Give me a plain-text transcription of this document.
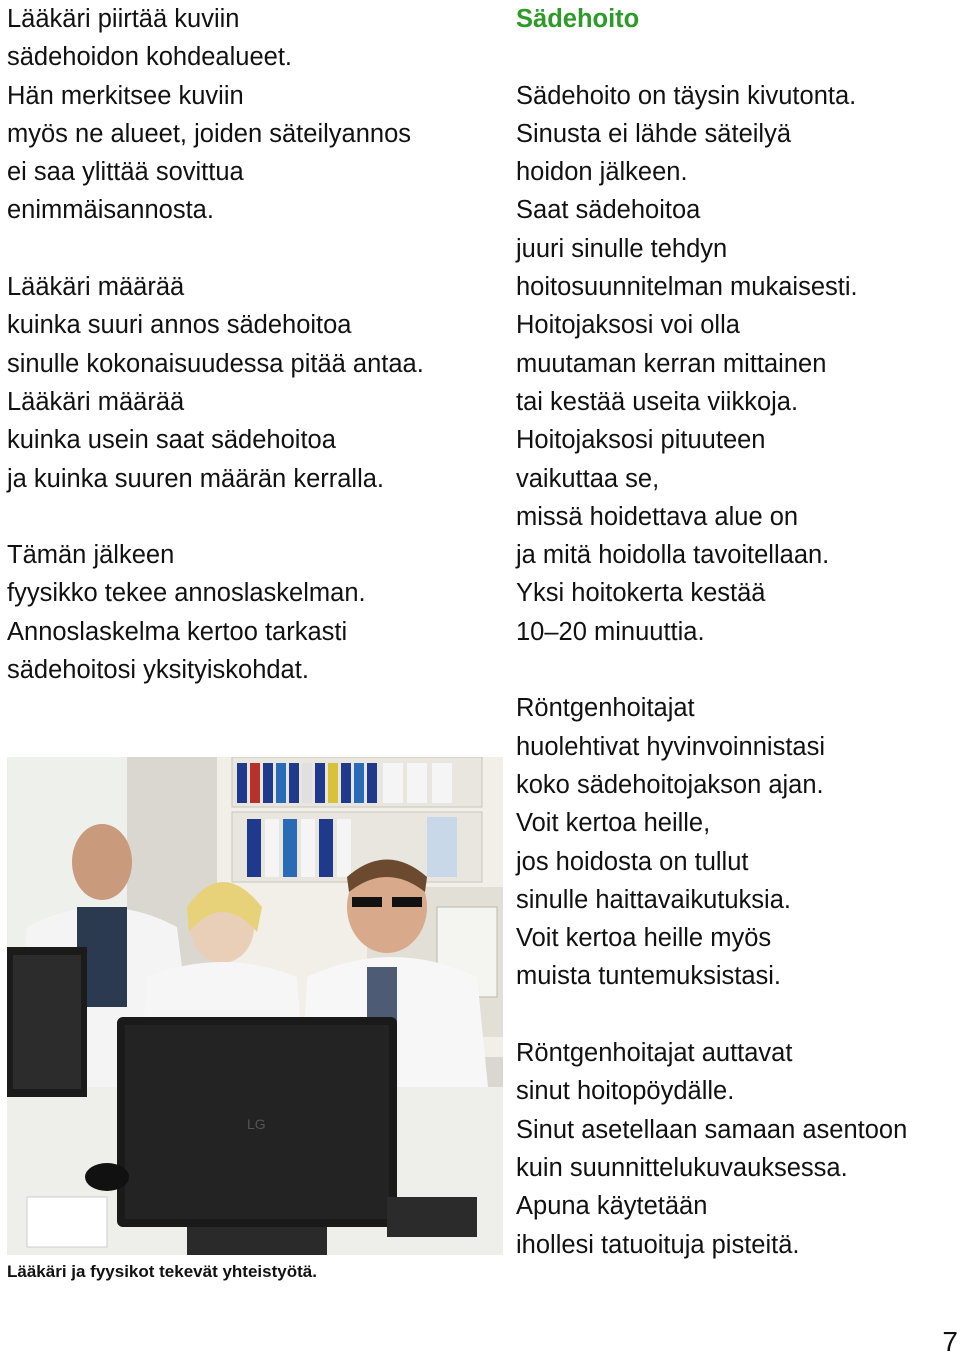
Lääkäri piirtää kuviin
sädehoidon kohdealueet.
Hän merkitsee kuviin
myös ne alueet, joiden säteilyannos
ei saa ylittää sovittua
enimmäisannosta.
Lääkäri määrää
kuinka suuri annos sädehoitoa
sinulle kokonaisuudessa pitää antaa.
Lääkäri määrää
kuinka usein saat sädehoitoa
ja kuinka suuren määrän kerralla.
Tämän jälkeen
fyysikko tekee annoslaskelman.
Annoslaskelma kertoo tarkasti
sädehoitosi yksityiskohdat.
LG
Lääkäri ja fyysikot tekevät yhteistyötä.
Sädehoito
Sädehoito on täysin kivutonta.
Sinusta ei lähde säteilyä
hoidon jälkeen.
Saat sädehoitoa
juuri sinulle tehdyn
hoitosuunnitelman mukaisesti.
Hoitojaksosi voi olla
muutaman kerran mittainen
tai kestää useita viikkoja.
Hoitojaksosi pituuteen
vaikuttaa se,
missä hoidettava alue on
ja mitä hoidolla tavoitellaan.
Yksi hoitokerta kestää
10–20 minuuttia.
Röntgenhoitajat
huolehtivat hyvinvoinnistasi
koko sädehoitojakson ajan.
Voit kertoa heille,
jos hoidosta on tullut
sinulle haittavaikutuksia.
Voit kertoa heille myös
muista tuntemuksistasi.
Röntgenhoitajat auttavat
sinut hoitopöydälle.
Sinut asetellaan samaan asentoon
kuin suunnittelukuvauksessa.
Apuna käytetään
ihollesi tatuoituja pisteitä.
7
